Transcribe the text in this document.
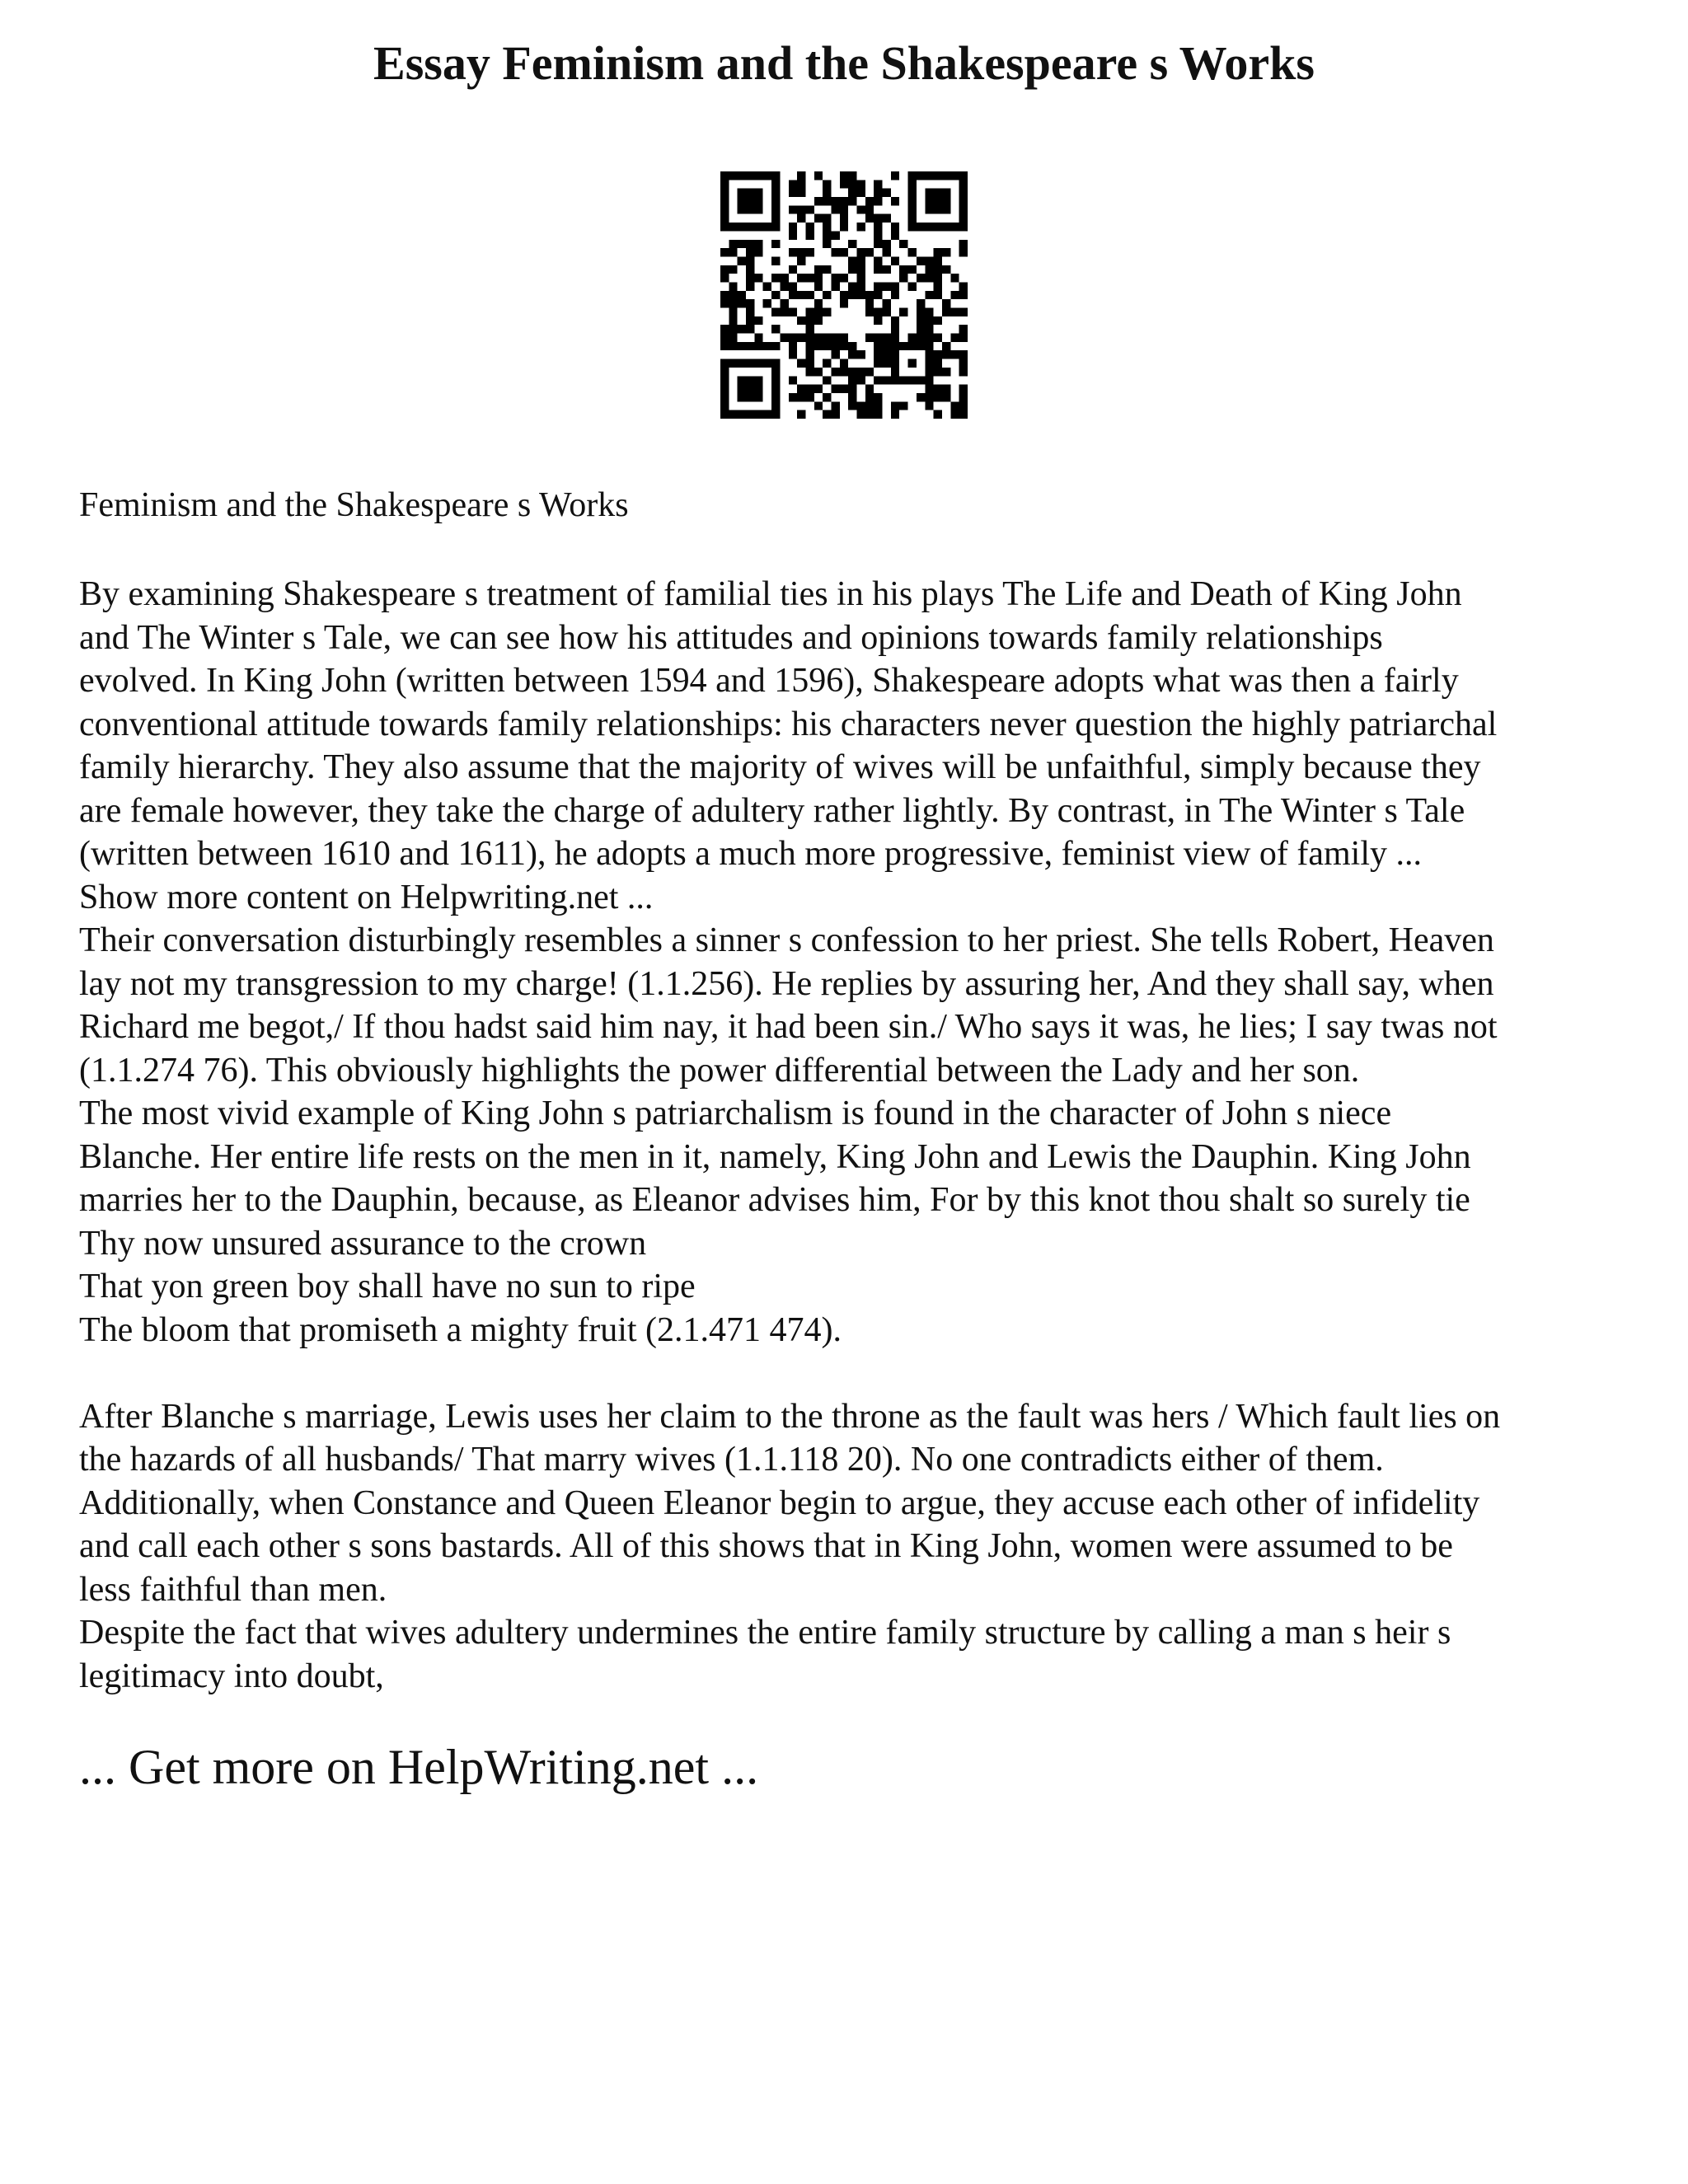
Essay Feminism and the Shakespeare s Works

Feminism and the Shakespeare s Works

By examining Shakespeare s treatment of familial ties in his plays The Life and Death of King John
and The Winter s Tale, we can see how his attitudes and opinions towards family relationships
evolved. In King John (written between 1594 and 1596), Shakespeare adopts what was then a fairly
conventional attitude towards family relationships: his characters never question the highly patriarchal
family hierarchy. They also assume that the majority of wives will be unfaithful, simply because they
are female however, they take the charge of adultery rather lightly. By contrast, in The Winter s Tale
(written between 1610 and 1611), he adopts a much more progressive, feminist view of family ...
Show more content on Helpwriting.net ...
Their conversation disturbingly resembles a sinner s confession to her priest. She tells Robert, Heaven
lay not my transgression to my charge! (1.1.256). He replies by assuring her, And they shall say, when
Richard me begot,/ If thou hadst said him nay, it had been sin./ Who says it was, he lies; I say twas not
(1.1.274 76). This obviously highlights the power differential between the Lady and her son.
The most vivid example of King John s patriarchalism is found in the character of John s niece
Blanche. Her entire life rests on the men in it, namely, King John and Lewis the Dauphin. King John
marries her to the Dauphin, because, as Eleanor advises him, For by this knot thou shalt so surely tie
Thy now unsured assurance to the crown
That yon green boy shall have no sun to ripe
The bloom that promiseth a mighty fruit (2.1.471 474).
After Blanche s marriage, Lewis uses her claim to the throne as the fault was hers / Which fault lies on
the hazards of all husbands/ That marry wives (1.1.118 20). No one contradicts either of them.
Additionally, when Constance and Queen Eleanor begin to argue, they accuse each other of infidelity
and call each other s sons bastards. All of this shows that in King John, women were assumed to be
less faithful than men.
Despite the fact that wives adultery undermines the entire family structure by calling a man s heir s
legitimacy into doubt,

... Get more on HelpWriting.net ...
